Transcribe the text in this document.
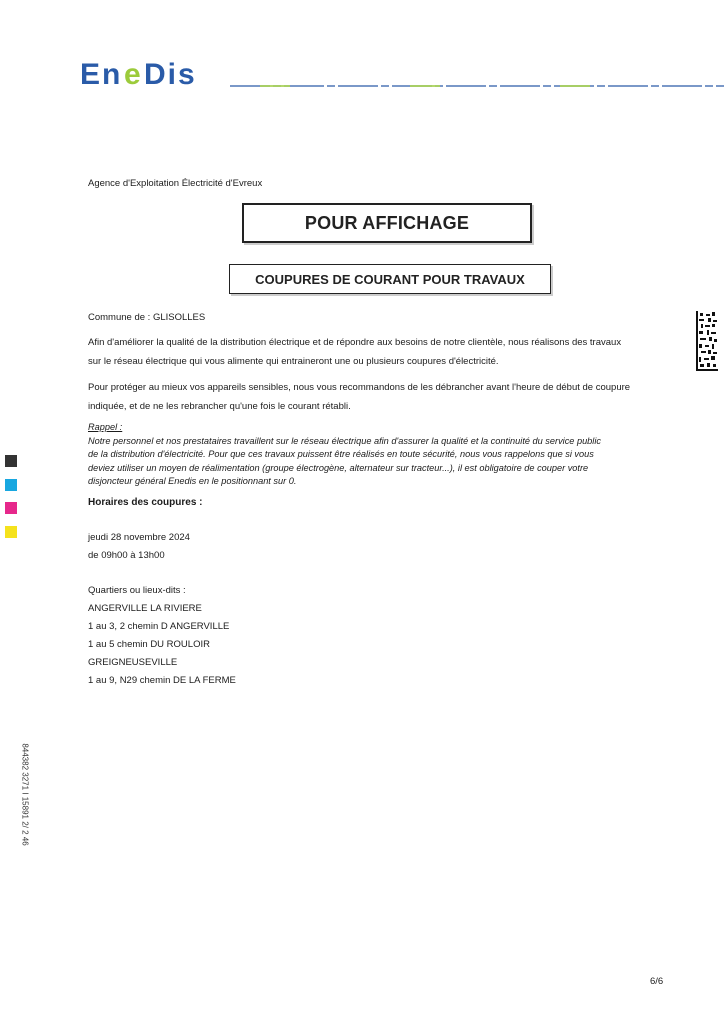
En e Dis
Agence d'Exploitation Électricité d'Evreux
POUR AFFICHAGE
COUPURES DE COURANT POUR TRAVAUX
Commune de : GLISOLLES
Afin d'améliorer la qualité de la distribution électrique et de répondre aux besoins de notre clientèle, nous réalisons des travaux
sur le réseau électrique qui vous alimente qui entraineront une ou plusieurs coupures d'électricité.
Pour protéger au mieux vos appareils sensibles, nous vous recommandons de les débrancher avant l'heure de début de coupure
indiquée, et de ne les rebrancher qu'une fois le courant rétabli.
Rappel :
Notre personnel et nos prestataires travaillent sur le réseau électrique afin d'assurer la qualité et la continuité du service public
de la distribution d'électricité. Pour que ces travaux puissent être réalisés en toute sécurité, nous vous rappelons que si vous
deviez utiliser un moyen de réalimentation (groupe électrogène, alternateur sur tracteur...), il est obligatoire de couper votre
disjoncteur général Enedis en le positionnant sur 0.
Horaires des coupures :
jeudi 28 novembre 2024
de 09h00 à 13h00
Quartiers ou lieux-dits :
ANGERVILLE LA RIVIERE
1 au 3, 2 chemin D ANGERVILLE
1 au 5 chemin DU ROULOIR
GREIGNEUSEVILLE
1 au 9, N29 chemin DE LA FERME
6/6
844382 3271 I 15891 2/ 2 46
